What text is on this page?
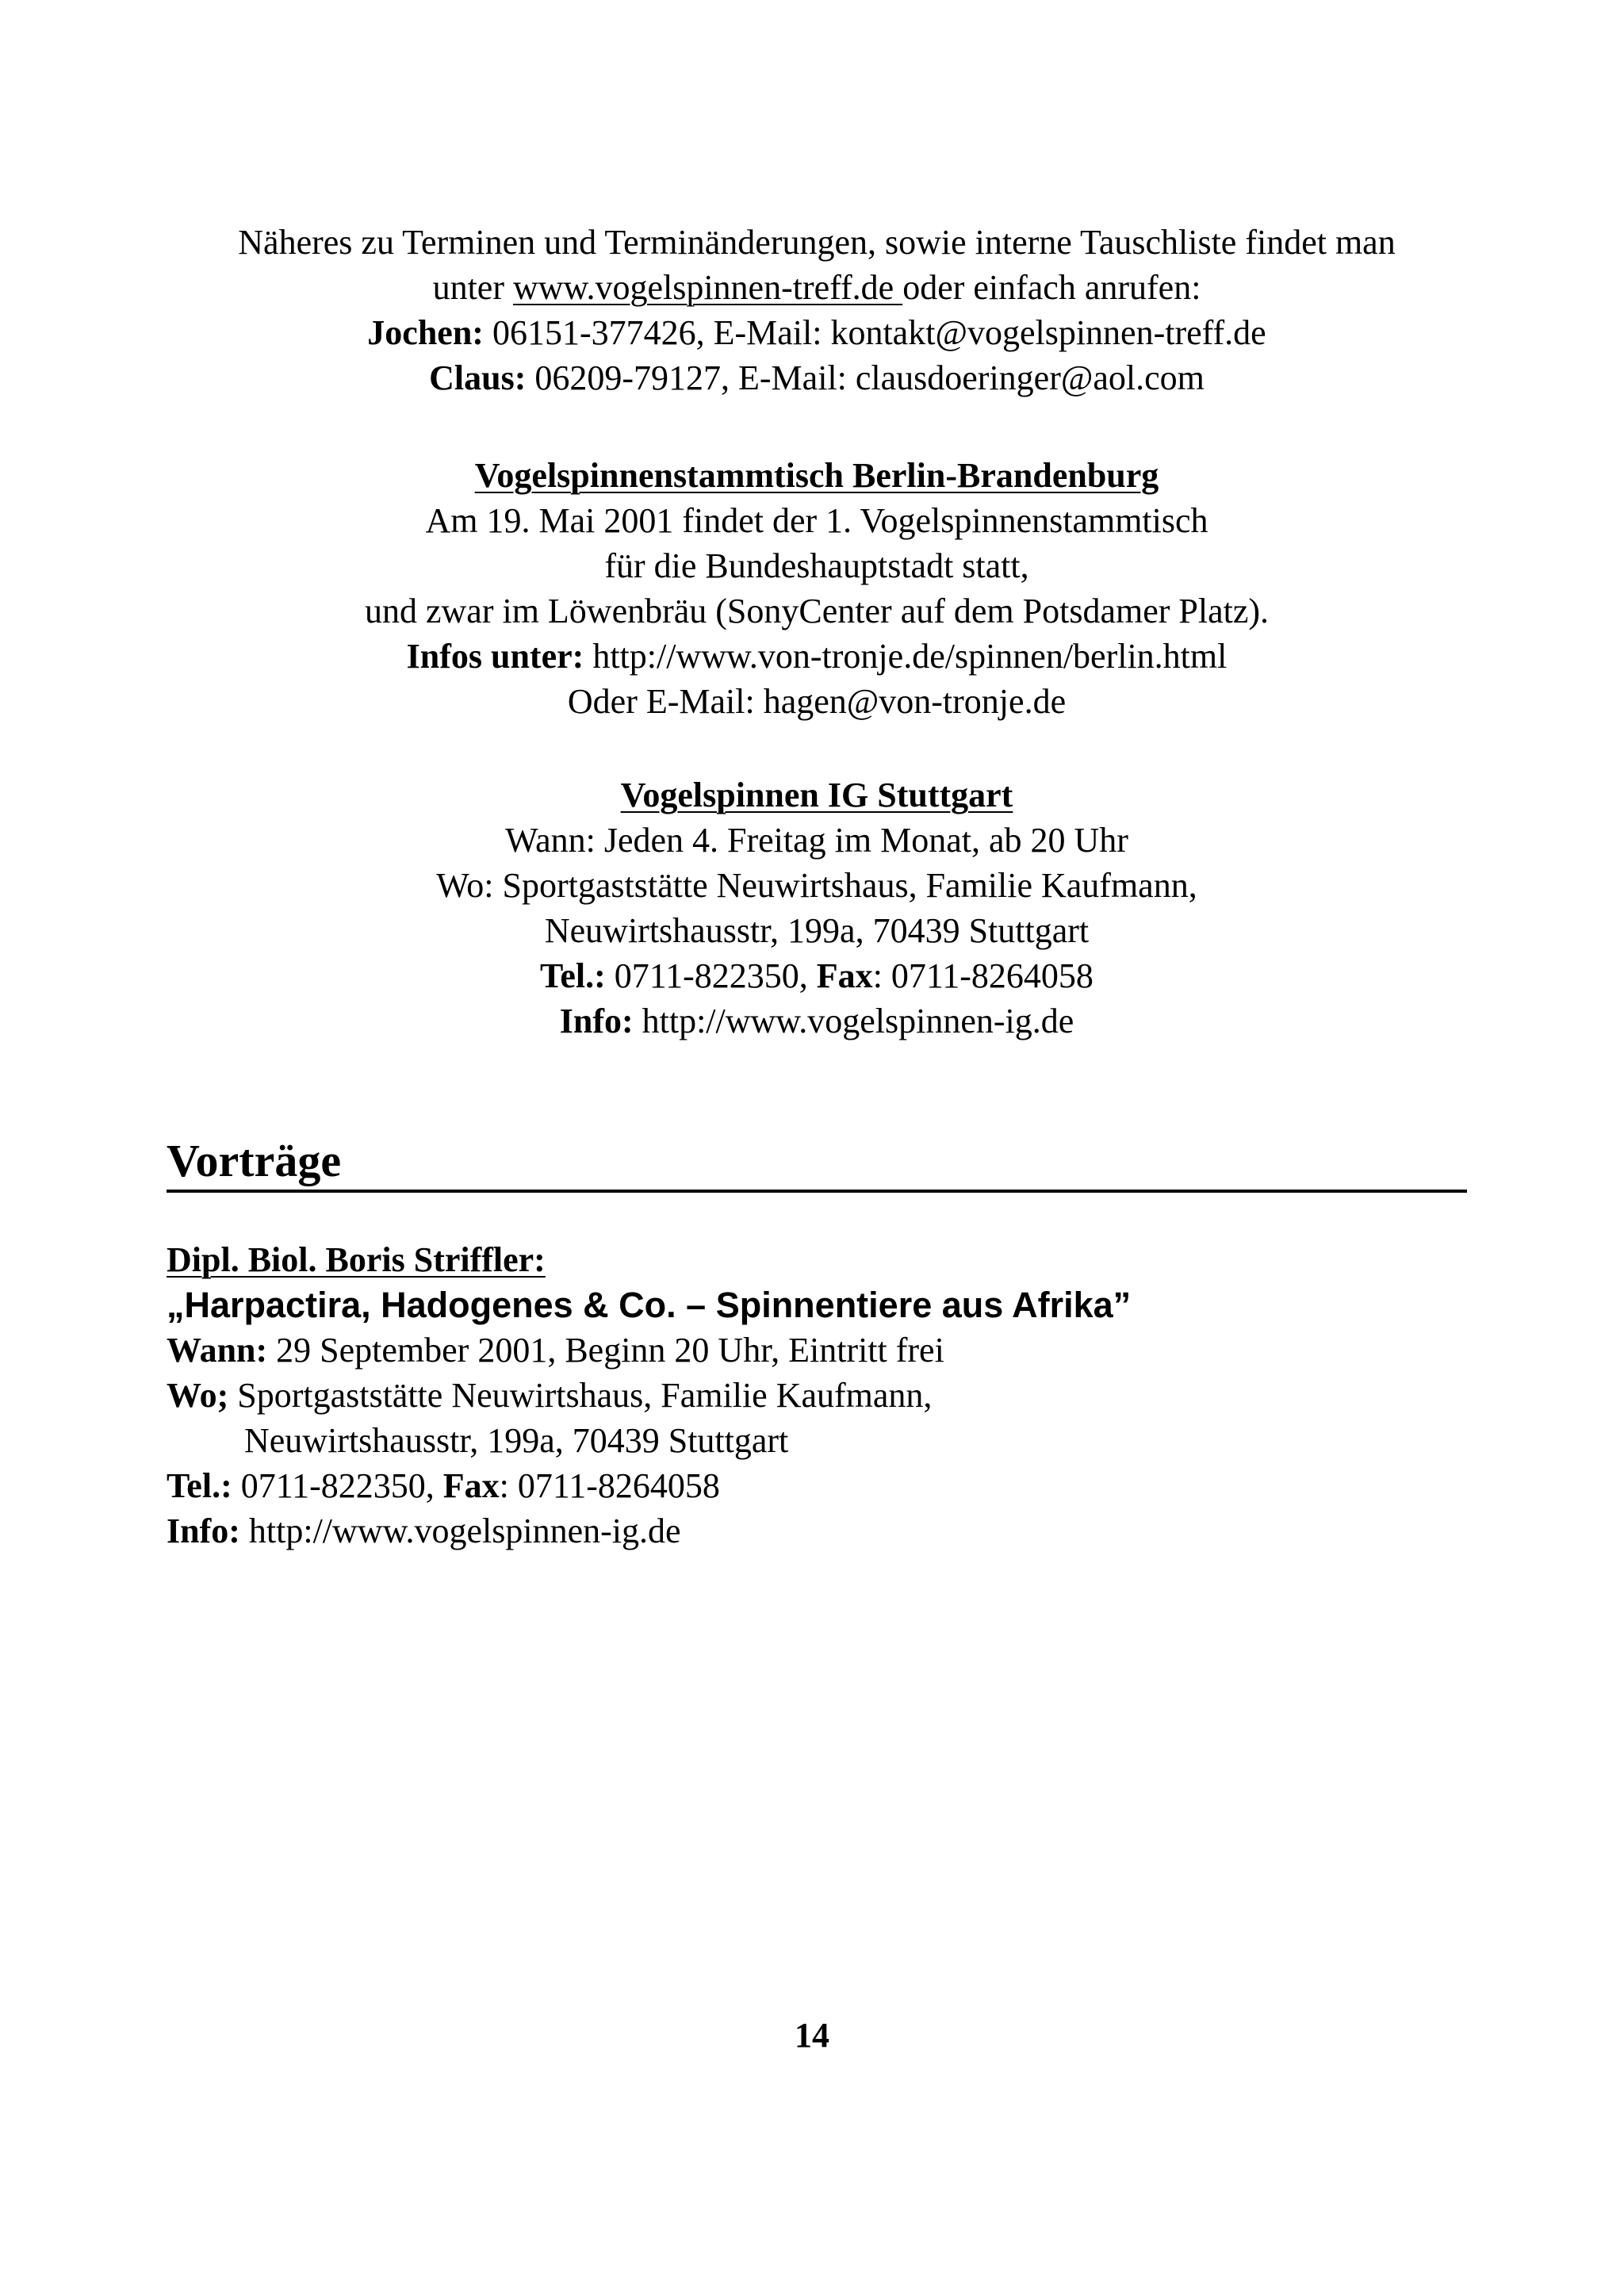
Näheres zu Terminen und Terminänderungen, sowie interne Tauschliste findet man
unter www.vogelspinnen-treff.de oder einfach anrufen:
Jochen: 06151-377426, E-Mail: kontakt@vogelspinnen-treff.de
Claus: 06209-79127, E-Mail: clausdoeringer@aol.com
Vogelspinnenstammtisch Berlin-Brandenburg
Am 19. Mai 2001 findet der 1. Vogelspinnenstammtisch
für die Bundeshauptstadt statt,
und zwar im Löwenbräu (SonyCenter auf dem Potsdamer Platz).
Infos unter: http://www.von-tronje.de/spinnen/berlin.html
Oder E-Mail: hagen@von-tronje.de
Vogelspinnen IG Stuttgart
Wann: Jeden 4. Freitag im Monat, ab 20 Uhr
Wo: Sportgaststätte Neuwirtshaus, Familie Kaufmann,
Neuwirtshausstr, 199a, 70439 Stuttgart
Tel.: 0711-822350, Fax: 0711-8264058
Info: http://www.vogelspinnen-ig.de
Vorträge
Dipl. Biol. Boris Striffler:
„Harpactira, Hadogenes & Co. – Spinnentiere aus Afrika”
Wann: 29 September 2001, Beginn 20 Uhr, Eintritt frei
Wo; Sportgaststätte Neuwirtshaus, Familie Kaufmann,
Neuwirtshausstr, 199a, 70439 Stuttgart
Tel.: 0711-822350, Fax: 0711-8264058
Info: http://www.vogelspinnen-ig.de
14
